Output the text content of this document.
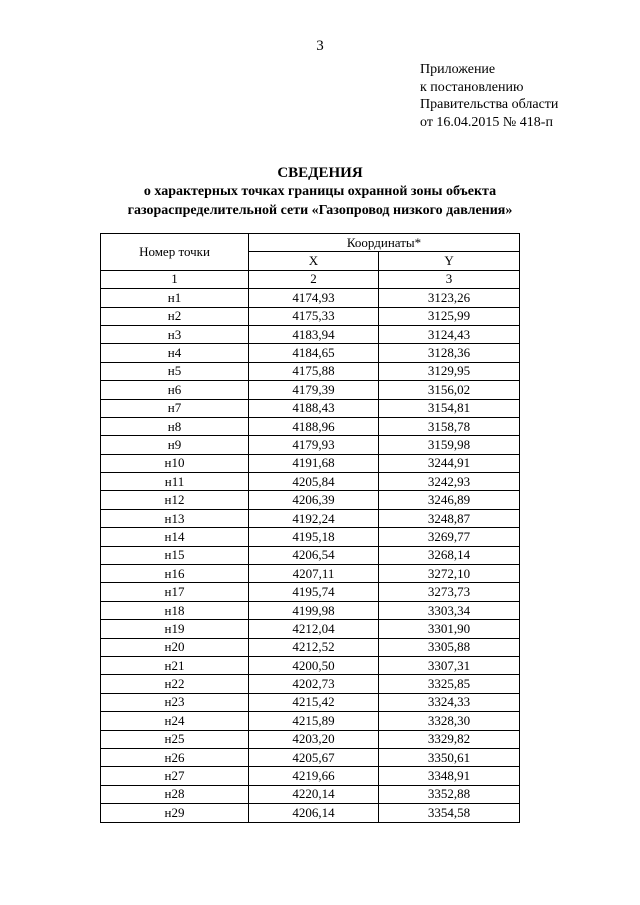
3
Приложение
к постановлению
Правительства области
от 16.04.2015 № 418-п
СВЕДЕНИЯ
о характерных точках границы охранной зоны объекта
газораспределительной сети «Газопровод низкого давления»
Номер точки	Координаты*	
	X	Y
1	2	3
н1	4174,93	3123,26
н2	4175,33	3125,99
н3	4183,94	3124,43
н4	4184,65	3128,36
н5	4175,88	3129,95
н6	4179,39	3156,02
н7	4188,43	3154,81
н8	4188,96	3158,78
н9	4179,93	3159,98
н10	4191,68	3244,91
н11	4205,84	3242,93
н12	4206,39	3246,89
н13	4192,24	3248,87
н14	4195,18	3269,77
н15	4206,54	3268,14
н16	4207,11	3272,10
н17	4195,74	3273,73
н18	4199,98	3303,34
н19	4212,04	3301,90
н20	4212,52	3305,88
н21	4200,50	3307,31
н22	4202,73	3325,85
н23	4215,42	3324,33
н24	4215,89	3328,30
н25	4203,20	3329,82
н26	4205,67	3350,61
н27	4219,66	3348,91
н28	4220,14	3352,88
н29	4206,14	3354,58
